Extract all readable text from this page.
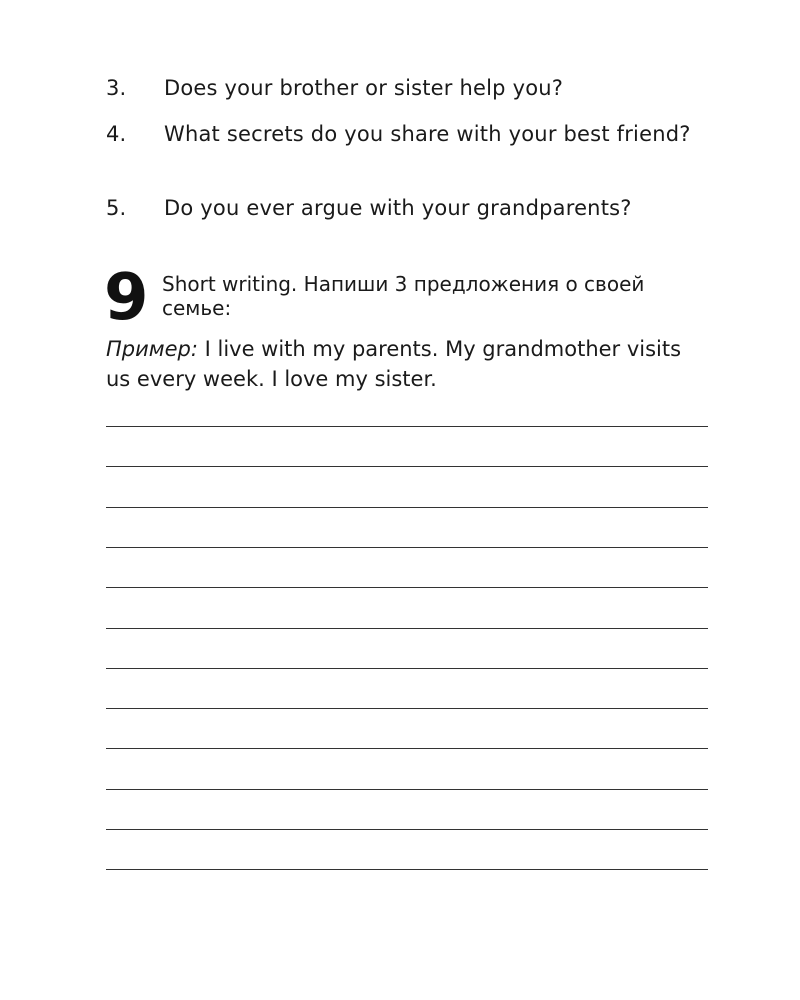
3.	Does your brother or sister help you?
4.	What secrets do you share with your best friend?
5.	Do you ever argue with your grandparents?
9 Short writing. Напиши 3 предложения о своей семье:
Пример: I live with my parents. My grandmother visits us every week. I love my sister.
